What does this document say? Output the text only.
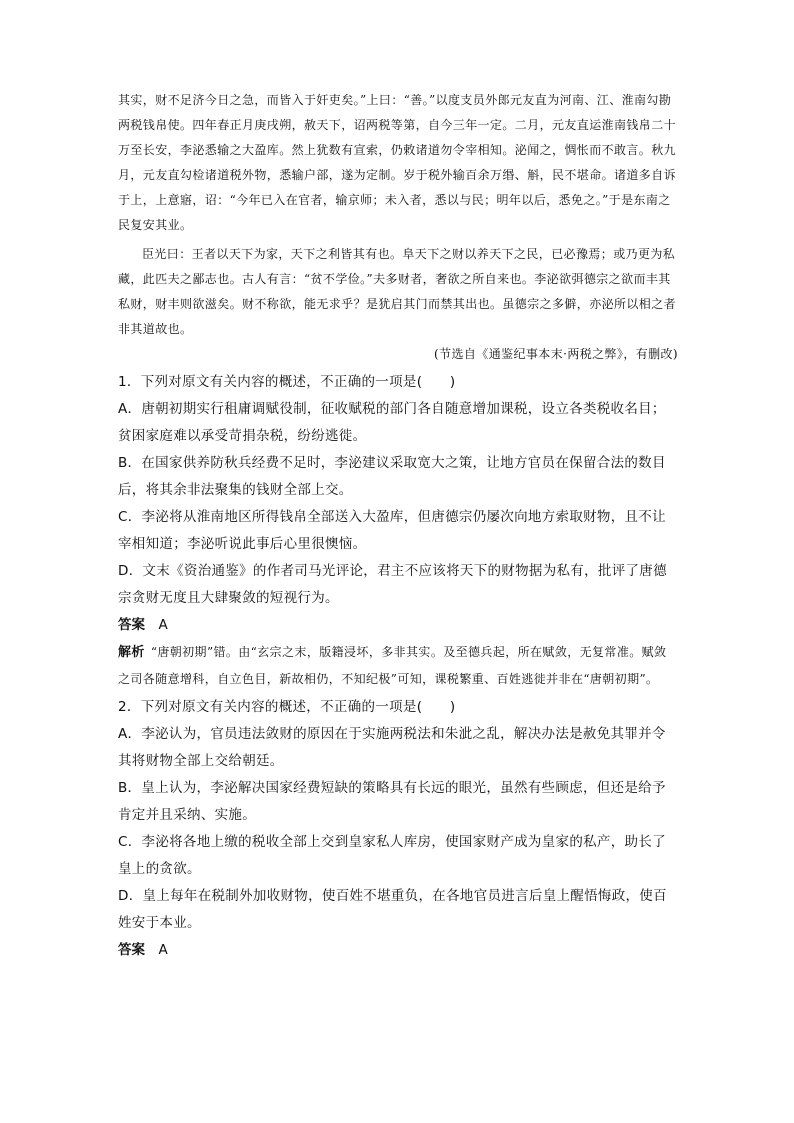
其实，财不足济今日之急，而皆入于奸吏矣。”上曰：“善。”以度支员外郎元友直为河南、江、淮南勾勘两税钱帛使。四年春正月庚戌朔，赦天下，诏两税等第，自今三年一定。二月，元友直运淮南钱帛二十万至长安，李泌悉输之大盈库。然上犹数有宣索，仍敕诸道勿令宰相知。泌闻之，惆怅而不敢言。秋九月，元友直勾检诸道税外物，悉输户部，遂为定制。岁于税外输百余万缗、斛，民不堪命。诸道多自诉于上，上意寤，诏：“今年已入在官者，输京师；未入者，悉以与民；明年以后，悉免之。”于是东南之民复安其业。

臣光曰：王者以天下为家，天下之利皆其有也。阜天下之财以养天下之民，已必豫焉；或乃更为私藏，此匹夫之鄙志也。古人有言：“贫不学俭。”夫多财者，奢欲之所自来也。李泌欲弭德宗之欲而丰其私财，财丰则欲滋矣。财不称欲，能无求乎？是犹启其门而禁其出也。虽德宗之多僻，亦泌所以相之者非其道故也。

(节选自《通鉴纪事本末·两税之弊》，有删改)

1．下列对原文有关内容的概述，不正确的一项是(　　)

A．唐朝初期实行租庸调赋役制，征收赋税的部门各自随意增加课税，设立各类税收名目；贫困家庭难以承受苛捐杂税，纷纷逃徙。

B．在国家供养防秋兵经费不足时，李泌建议采取宽大之策，让地方官员在保留合法的数目后，将其余非法聚集的钱财全部上交。

C．李泌将从淮南地区所得钱帛全部送入大盈库，但唐德宗仍屡次向地方索取财物，且不让宰相知道；李泌听说此事后心里很懊恼。

D．文末《资治通鉴》的作者司马光评论，君主不应该将天下的财物据为私有，批评了唐德宗贪财无度且大肆聚敛的短视行为。

答案　 A

解析 “唐朝初期”错。由“玄宗之末，版籍浸坏，多非其实。及至德兵起，所在赋敛，无复常准。赋敛之司各随意增科，自立色目，新故相仍，不知纪极”可知，课税繁重、百姓逃徙并非在“唐朝初期”。

2．下列对原文有关内容的概述，不正确的一项是(　　)

A．李泌认为，官员违法敛财的原因在于实施两税法和朱泚之乱，解决办法是赦免其罪并令其将财物全部上交给朝廷。

B．皇上认为，李泌解决国家经费短缺的策略具有长远的眼光，虽然有些顾虑，但还是给予肯定并且采纳、实施。

C．李泌将各地上缴的税收全部上交到皇家私人库房，使国家财产成为皇家的私产，助长了皇上的贪欲。

D．皇上每年在税制外加收财物，使百姓不堪重负，在各地官员进言后皇上醒悟悔政，使百姓安于本业。

答案　 A
